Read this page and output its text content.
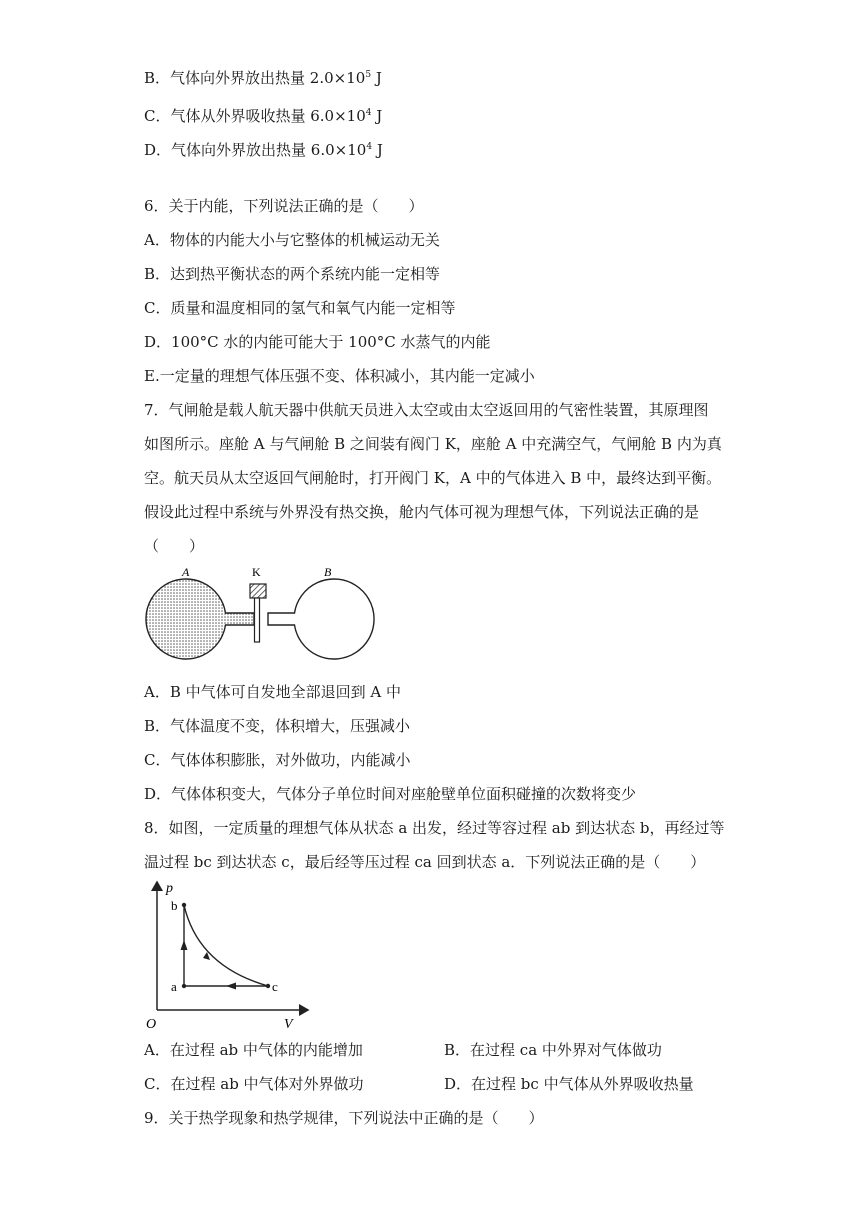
B．气体向外界放出热量 $2.0\times 10^5$ J
C．气体从外界吸收热量 $6.0\times 10^4$ J
D．气体向外界放出热量 $6.0\times 10^4$ J
6．关于内能，下列说法正确的是（　　）
A．物体的内能大小与它整体的机械运动无关
B．达到热平衡状态的两个系统内能一定相等
C．质量和温度相同的氢气和氧气内能一定相等
D．100°C 水的内能可能大于 100°C 水蒸气的内能
E.一定量的理想气体压强不变、体积减小，其内能一定减小
7．气闸舱是载人航天器中供航天员进入太空或由太空返回用的气密性装置，其原理图
如图所示。座舱 A 与气闸舱 B 之间装有阀门 K，座舱 A 中充满空气，气闸舱 B 内为真
空。航天员从太空返回气闸舱时，打开阀门 K，A 中的气体进入 B 中，最终达到平衡。
假设此过程中系统与外界没有热交换，舱内气体可视为理想气体，下列说法正确的是
（　　）
A	K	B
A．B 中气体可自发地全部退回到 A 中
B．气体温度不变，体积增大，压强减小
C．气体体积膨胀，对外做功，内能减小
D．气体体积变大，气体分子单位时间对座舱壁单位面积碰撞的次数将变少
8．如图，一定质量的理想气体从状态 a 出发，经过等容过程 ab 到达状态 b，再经过等
温过程 bc 到达状态 c，最后经等压过程 ca 回到状态 a．下列说法正确的是（　　）
p
V
O
a
b
c
A．在过程 ab 中气体的内能增加	B．在过程 ca 中外界对气体做功
C．在过程 ab 中气体对外界做功	D．在过程 bc 中气体从外界吸收热量
9．关于热学现象和热学规律，下列说法中正确的是（　　）
